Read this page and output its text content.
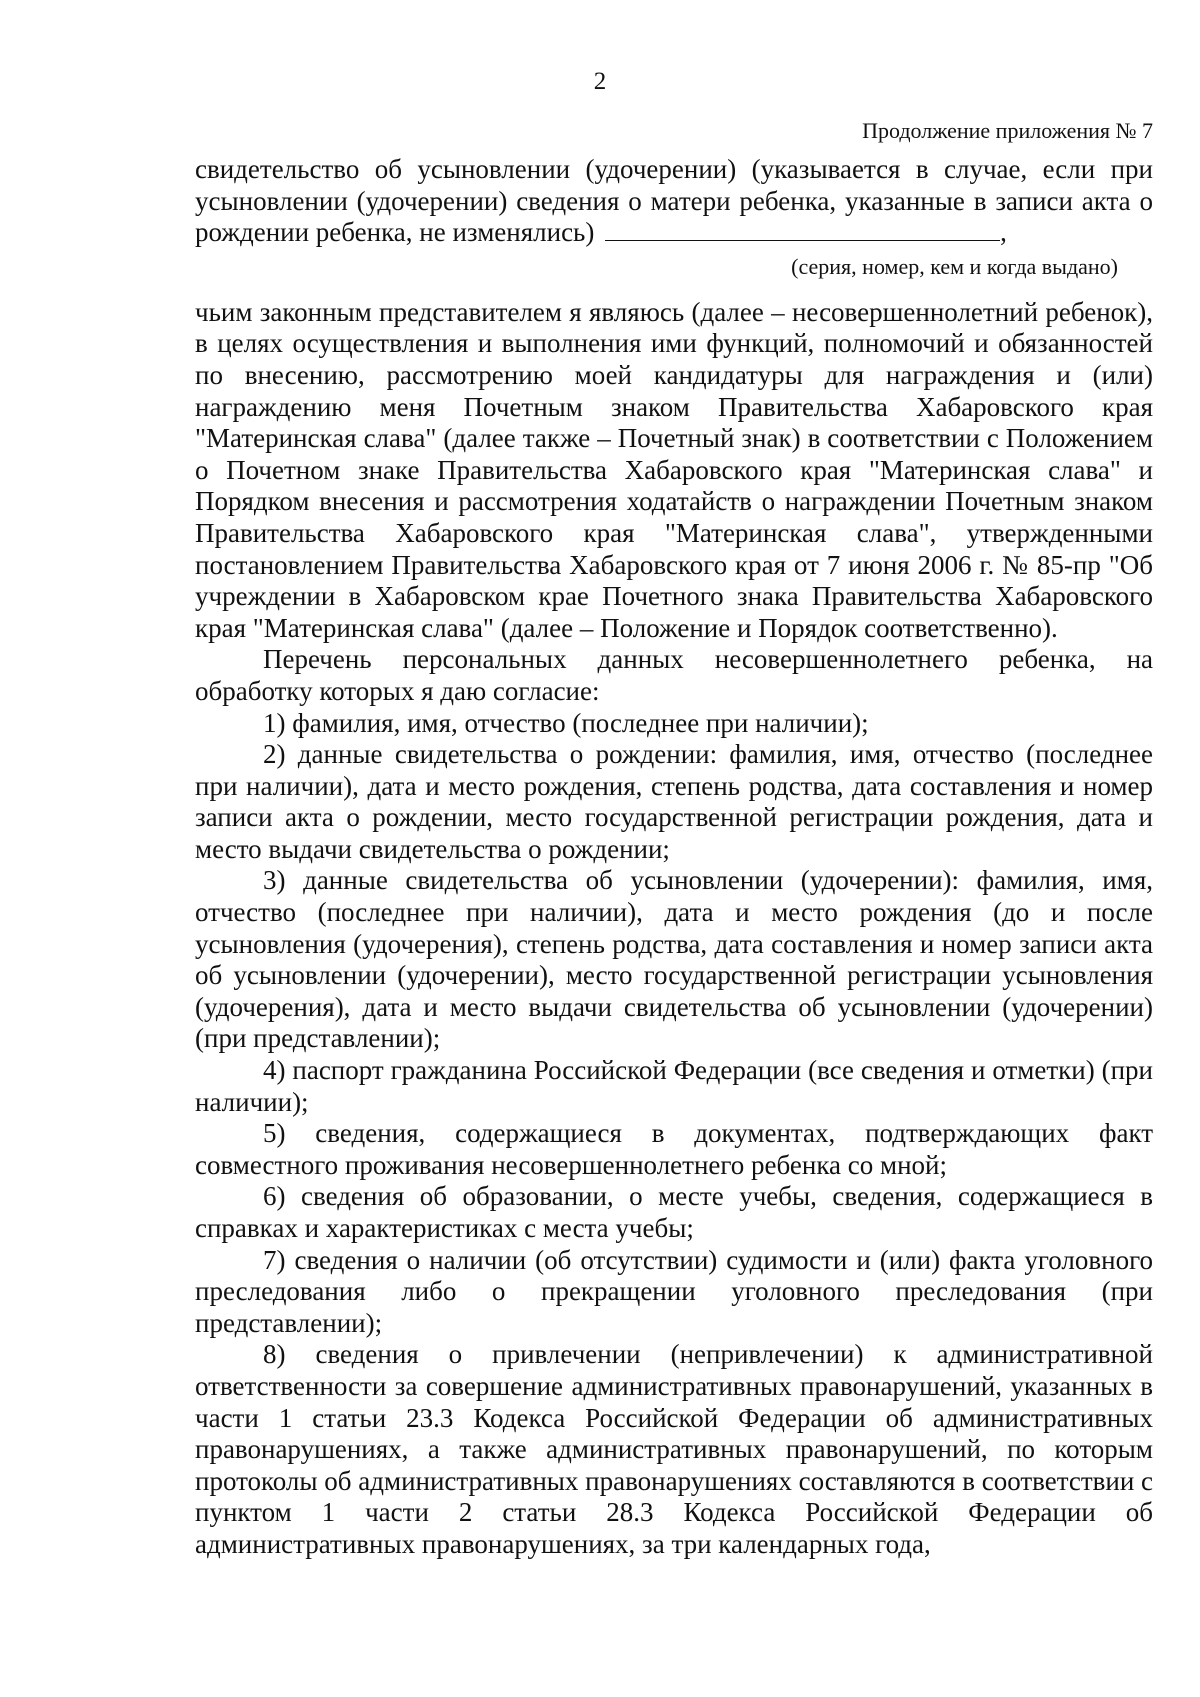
2
Продолжение приложения № 7

свидетельство об усыновлении (удочерении) (указывается в случае, если при усыновлении (удочерении) сведения о матери ребенка, указанные в записи акта о рождении ребенка, не изменялись)	,

(серия, номер, кем и когда выдано)

чьим законным представителем я являюсь (далее – несовершеннолетний ребенок), в целях осуществления и выполнения ими функций, полномочий и обязанностей по внесению, рассмотрению моей кандидатуры для награждения и (или) награждению меня Почетным знаком Правительства Хабаровского края "Материнская слава" (далее также – Почетный знак) в соответствии с Положением о Почетном знаке Правительства Хабаровского края "Материнская слава" и Порядком внесения и рассмотрения ходатайств о награждении Почетным знаком Правительства Хабаровского края "Материнская слава", утвержденными постановлением Правительства Хабаровского края от 7 июня 2006 г. № 85-пр "Об учреждении в Хабаровском крае Почетного знака Правительства Хабаровского края "Материнская слава" (далее – Положение и Порядок соответственно).

Перечень персональных данных несовершеннолетнего ребенка, на обработку которых я даю согласие:

1) фамилия, имя, отчество (последнее при наличии);

2) данные свидетельства о рождении: фамилия, имя, отчество (последнее при наличии), дата и место рождения, степень родства, дата составления и номер записи акта о рождении, место государственной регистрации рождения, дата и место выдачи свидетельства о рождении;

3) данные свидетельства об усыновлении (удочерении): фамилия, имя, отчество (последнее при наличии), дата и место рождения (до и после усыновления (удочерения), степень родства, дата составления и номер записи акта об усыновлении (удочерении), место государственной регистрации усыновления (удочерения), дата и место выдачи свидетельства об усыновлении (удочерении) (при представлении);

4) паспорт гражданина Российской Федерации (все сведения и отметки) (при наличии);

5) сведения, содержащиеся в документах, подтверждающих факт совместного проживания несовершеннолетнего ребенка со мной;

6) сведения об образовании, о месте учебы, сведения, содержащиеся в справках и характеристиках с места учебы;

7) сведения о наличии (об отсутствии) судимости и (или) факта уголовного преследования либо о прекращении уголовного преследования (при представлении);

8) сведения о привлечении (непривлечении) к административной ответственности за совершение административных правонарушений, указанных в части 1 статьи 23.3 Кодекса Российской Федерации об административных правонарушениях, а также административных правонарушений, по которым протоколы об административных правонарушениях составляются в соответствии с пунктом 1 части 2 статьи 28.3 Кодекса Российской Федерации об административных правонарушениях, за три календарных года,
